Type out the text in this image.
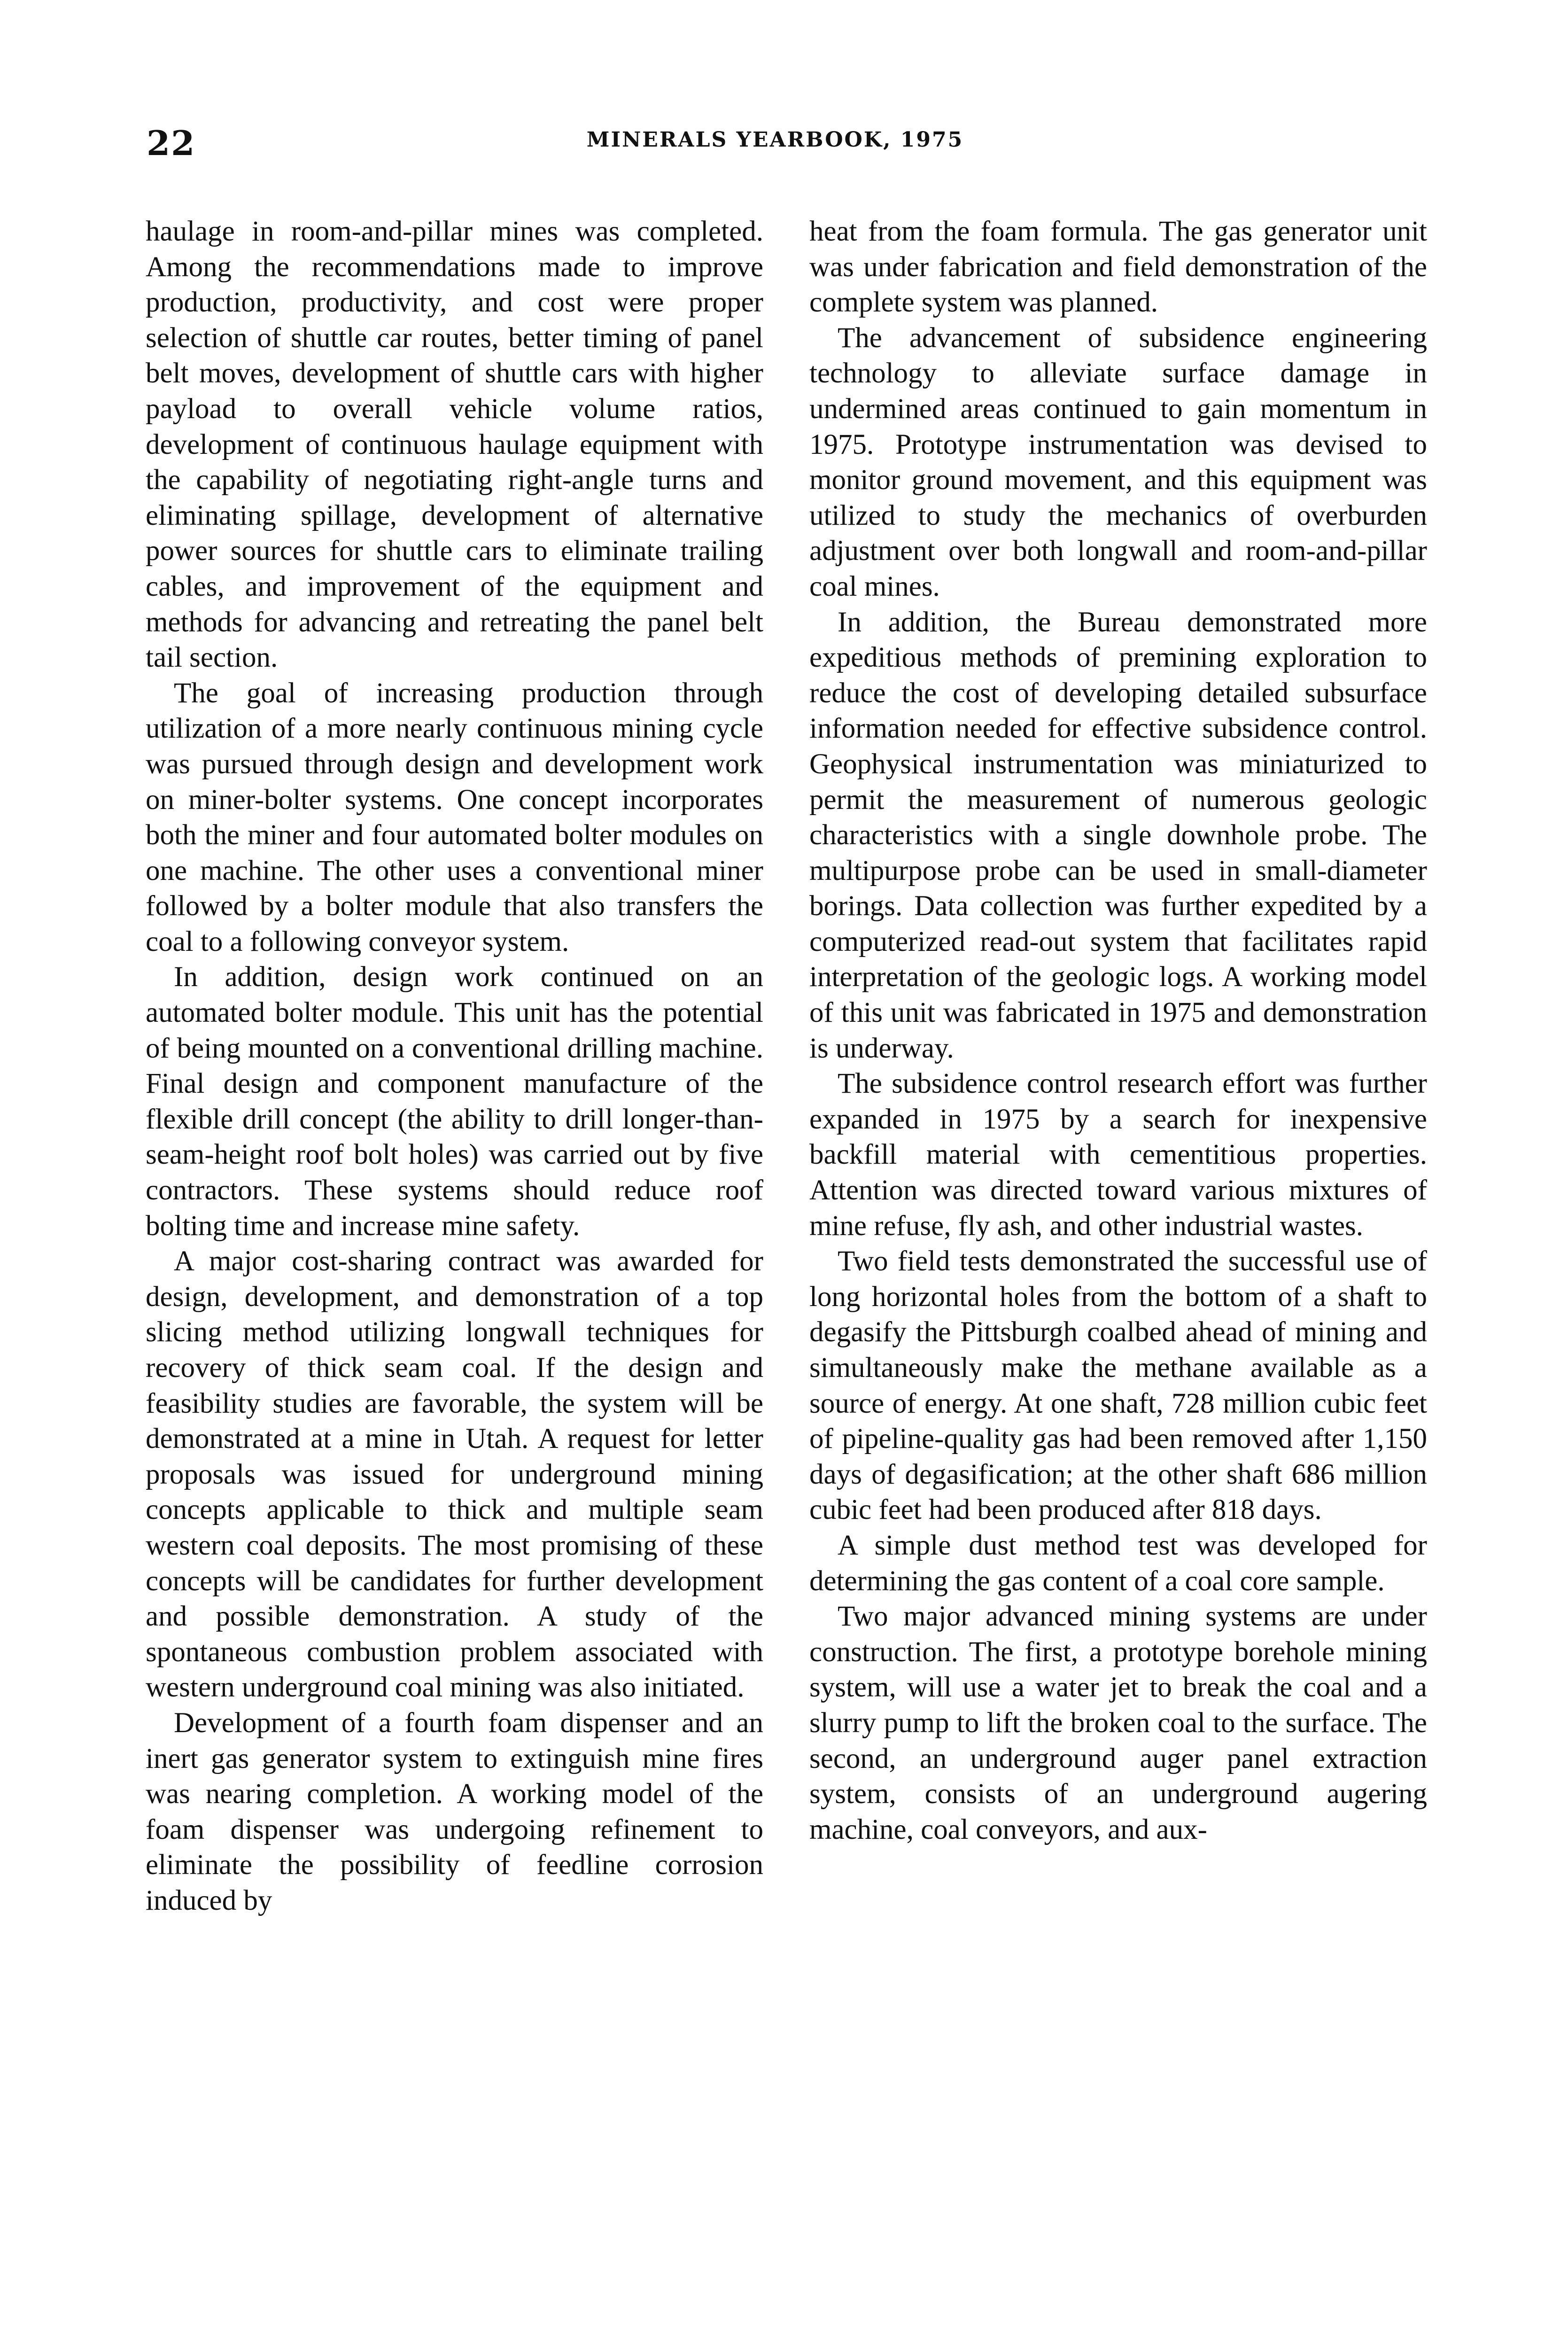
22	MINERALS YEARBOOK, 1975

haulage in room-and-pillar mines was completed. Among the recommendations made to improve production, productivity, and cost were proper selection of shuttle car routes, better timing of panel belt moves, development of shuttle cars with higher payload to overall vehicle volume ratios, development of continuous haulage equipment with the capability of negotiating right-angle turns and eliminating spillage, development of alternative power sources for shuttle cars to eliminate trailing cables, and improvement of the equipment and methods for advancing and retreating the panel belt tail section.

The goal of increasing production through utilization of a more nearly continuous mining cycle was pursued through design and development work on miner-bolter systems. One concept incorporates both the miner and four automated bolter modules on one machine. The other uses a conventional miner followed by a bolter module that also transfers the coal to a following conveyor system.

In addition, design work continued on an automated bolter module. This unit has the potential of being mounted on a conventional drilling machine. Final design and component manufacture of the flexible drill concept (the ability to drill longer-than-seam-height roof bolt holes) was carried out by five contractors. These systems should reduce roof bolting time and increase mine safety.

A major cost-sharing contract was awarded for design, development, and demonstration of a top slicing method utilizing longwall techniques for recovery of thick seam coal. If the design and feasibility studies are favorable, the system will be demonstrated at a mine in Utah. A request for letter proposals was issued for underground mining concepts applicable to thick and multiple seam western coal deposits. The most promising of these concepts will be candidates for further development and possible demonstration. A study of the spontaneous combustion problem associated with western underground coal mining was also initiated.

Development of a fourth foam dispenser and an inert gas generator system to extinguish mine fires was nearing completion. A working model of the foam dispenser was undergoing refinement to eliminate the possibility of feedline corrosion induced by

heat from the foam formula. The gas generator unit was under fabrication and field demonstration of the complete system was planned.

The advancement of subsidence engineering technology to alleviate surface damage in undermined areas continued to gain momentum in 1975. Prototype instrumentation was devised to monitor ground movement, and this equipment was utilized to study the mechanics of overburden adjustment over both longwall and room-and-pillar coal mines.

In addition, the Bureau demonstrated more expeditious methods of premining exploration to reduce the cost of developing detailed subsurface information needed for effective subsidence control. Geophysical instrumentation was miniaturized to permit the measurement of numerous geologic characteristics with a single downhole probe. The multipurpose probe can be used in small-diameter borings. Data collection was further expedited by a computerized read-out system that facilitates rapid interpretation of the geologic logs. A working model of this unit was fabricated in 1975 and demonstration is underway.

The subsidence control research effort was further expanded in 1975 by a search for inexpensive backfill material with cementitious properties. Attention was directed toward various mixtures of mine refuse, fly ash, and other industrial wastes.

Two field tests demonstrated the successful use of long horizontal holes from the bottom of a shaft to degasify the Pittsburgh coalbed ahead of mining and simultaneously make the methane available as a source of energy. At one shaft, 728 million cubic feet of pipeline-quality gas had been removed after 1,150 days of degasification; at the other shaft 686 million cubic feet had been produced after 818 days.

A simple dust method test was developed for determining the gas content of a coal core sample.

Two major advanced mining systems are under construction. The first, a prototype borehole mining system, will use a water jet to break the coal and a slurry pump to lift the broken coal to the surface. The second, an underground auger panel extraction system, consists of an underground augering machine, coal conveyors, and aux-
